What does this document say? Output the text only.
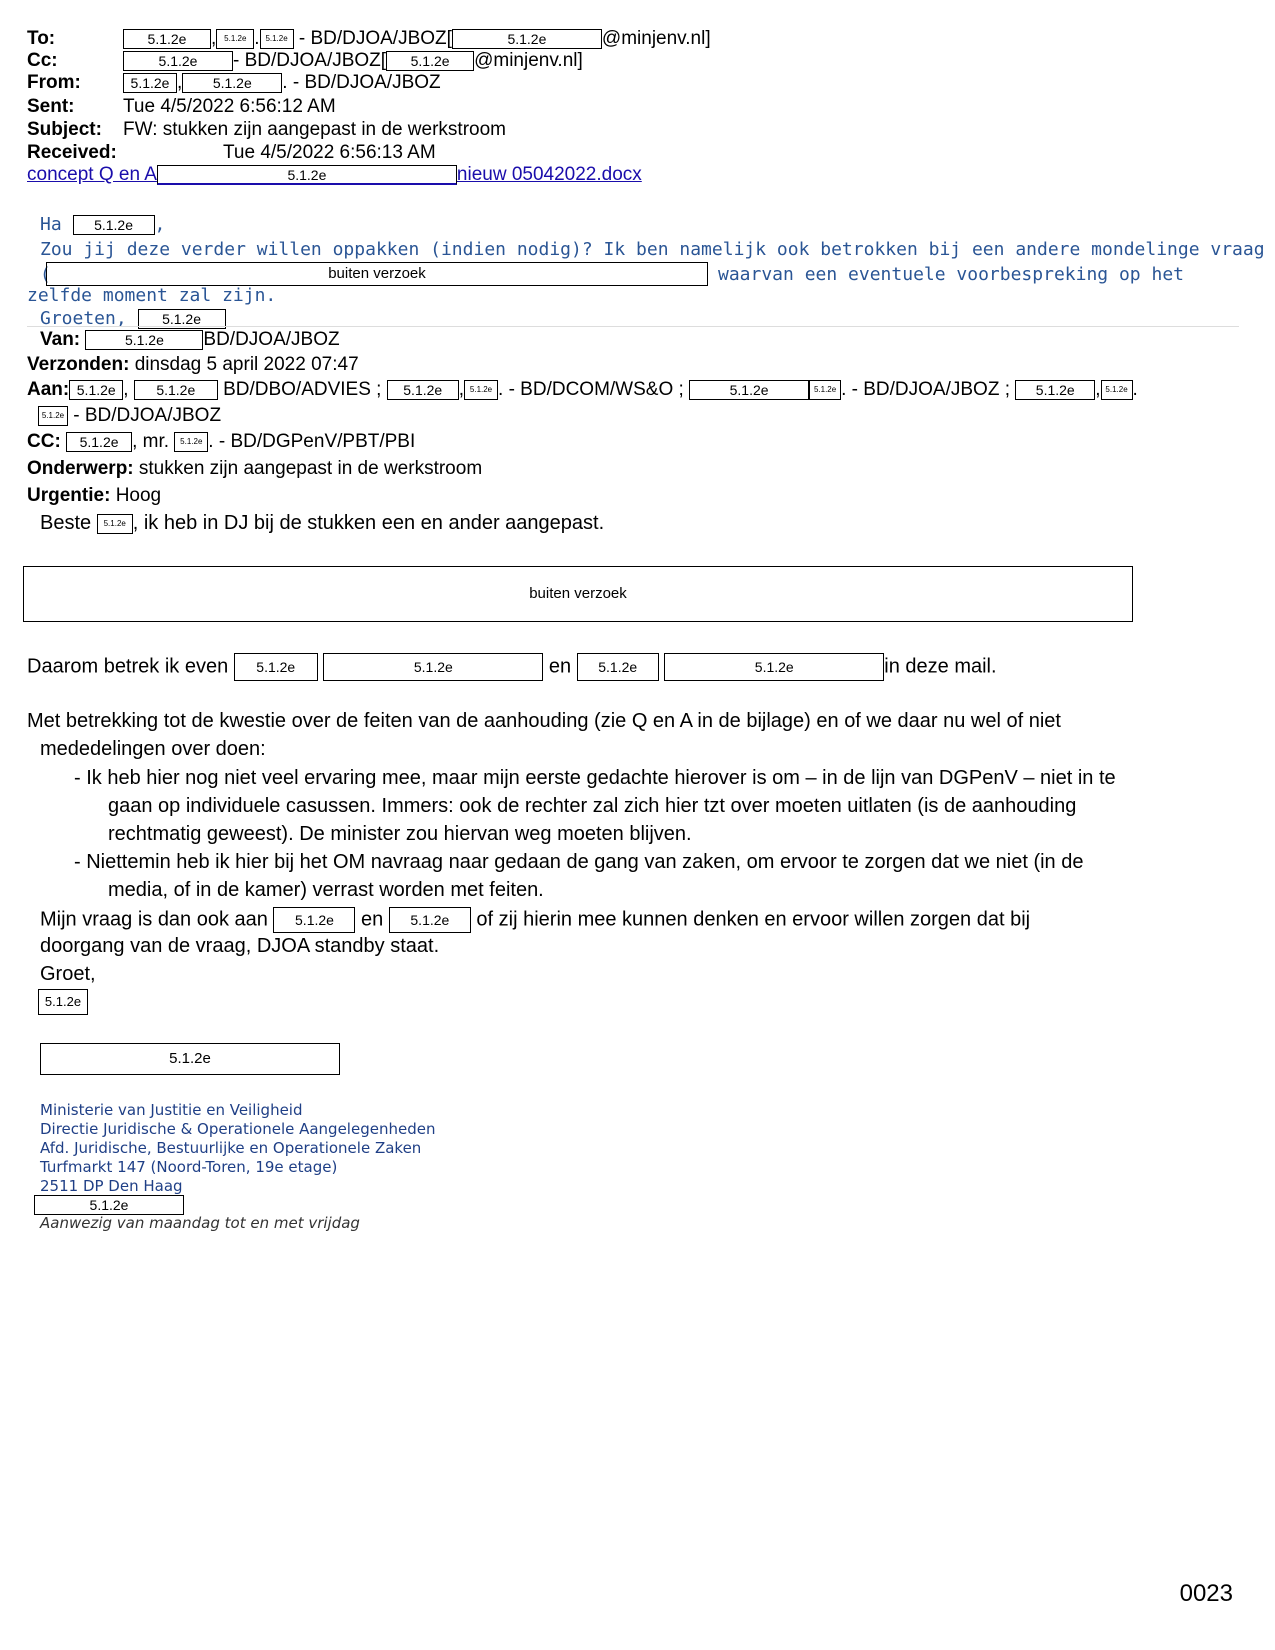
To:	5.1.2e , 5.1.2e . 5.1.2e - BD/DJOA/JBOZ[	5.1.2e	@minjenv.nl]
Cc:	5.1.2e - BD/DJOA/JBOZ[ 5.1.2e @minjenv.nl]
From:	5.1.2e , 5.1.2e . - BD/DJOA/JBOZ
Sent:	Tue 4/5/2022 6:56:12 AM
Subject: FW: stukken zijn aangepast in de werkstroom
Received:	Tue 4/5/2022 6:56:13 AM
concept Q en A	5.1.2e	nieuw 05042022.docx
Ha 5.1.2e ,
Zou jij deze verder willen oppakken (indien nodig)? Ik ben namelijk ook betrokken bij een andere mondelinge vraag
(	buiten verzoek	waarvan een eventuele voorbespreking op het
zelfde moment zal zijn.
Groeten,	5.1.2e
Van:	5.1.2e BD/DJOA/JBOZ
Verzonden: dinsdag 5 april 2022 07:47
Aan: 5.1.2e , 5.1.2e BD/DBO/ADVIES ; 5.1.2e , 5.1.2e . - BD/DCOM/WS&O ;	5.1.2e	5.1.2e . - BD/DJOA/JBOZ ; 5.1.2e , 5.1.2e .
5.1.2e - BD/DJOA/JBOZ
CC: 5.1.2e , mr. 5.1.2e . - BD/DGPenV/PBT/PBI
Onderwerp: stukken zijn aangepast in de werkstroom
Urgentie: Hoog
Beste 5.1.2e , ik heb in DJ bij de stukken een en ander aangepast.
buiten verzoek
Daarom betrek ik even 5.1.2e	5.1.2e	en 5.1.2e	5.1.2e	in deze mail.
Met betrekking tot de kwestie over de feiten van de aanhouding (zie Q en A in de bijlage) en of we daar nu wel of niet
mededelingen over doen:
- Ik heb hier nog niet veel ervaring mee, maar mijn eerste gedachte hierover is om – in de lijn van DGPenV – niet in te
gaan op individuele casussen. Immers: ook de rechter zal zich hier tzt over moeten uitlaten (is de aanhouding
rechtmatig geweest). De minister zou hiervan weg moeten blijven.
- Niettemin heb ik hier bij het OM navraag naar gedaan de gang van zaken, om ervoor te zorgen dat we niet (in de
media, of in de kamer) verrast worden met feiten.
Mijn vraag is dan ook aan 5.1.2e en 5.1.2e of zij hierin mee kunnen denken en ervoor willen zorgen dat bij
doorgang van de vraag, DJOA standby staat.
Groet,
5.1.2e
5.1.2e
Ministerie van Justitie en Veiligheid
Directie Juridische & Operationele Aangelegenheden
Afd. Juridische, Bestuurlijke en Operationele Zaken
Turfmarkt 147 (Noord-Toren, 19e etage)
2511 DP Den Haag
5.1.2e
Aanwezig van maandag tot en met vrijdag
0023
